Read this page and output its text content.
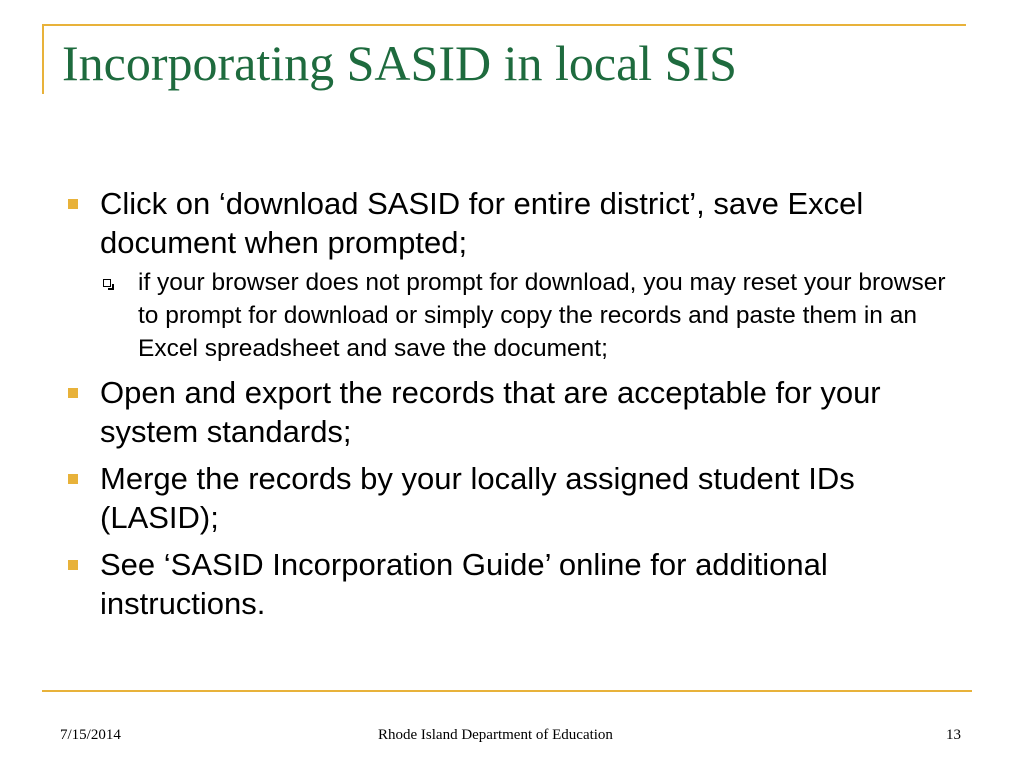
Incorporating SASID in local SIS
Click on ‘download SASID for entire district’, save Excel document when prompted;
if your browser does not prompt for download, you may reset your browser to prompt for download or simply copy the records and paste them in an Excel spreadsheet and save the document;
Open and export the records that are acceptable for your system standards;
Merge the records by your locally assigned student IDs (LASID);
See ‘SASID Incorporation Guide’ online for additional instructions.
7/15/2014	Rhode Island Department of Education	13
